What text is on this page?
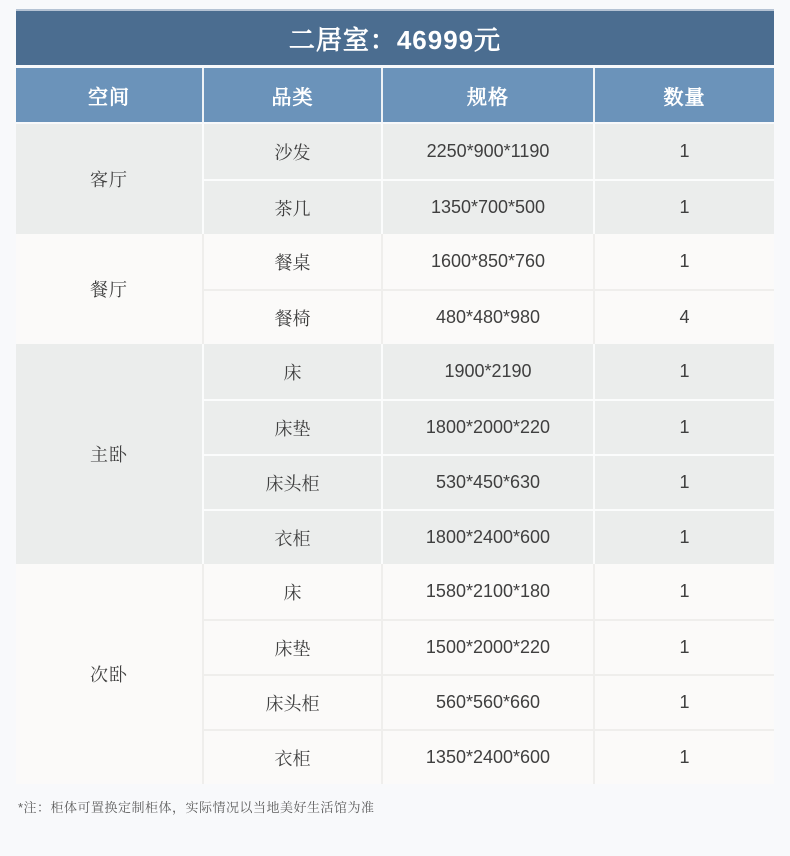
二居室：46999元
空间	品类	规格	数量
客厅
沙发	2250*900*1190	1
茶几	1350*700*500	1
餐厅
餐桌	1600*850*760	1
餐椅	480*480*980	4
主卧
床	1900*2190	1
床垫	1800*2000*220	1
床头柜	530*450*630	1
衣柜	1800*2400*600	1
次卧
床	1580*2100*180	1
床垫	1500*2000*220	1
床头柜	560*560*660	1
衣柜	1350*2400*600	1
*注：柜体可置换定制柜体，实际情况以当地美好生活馆为准
